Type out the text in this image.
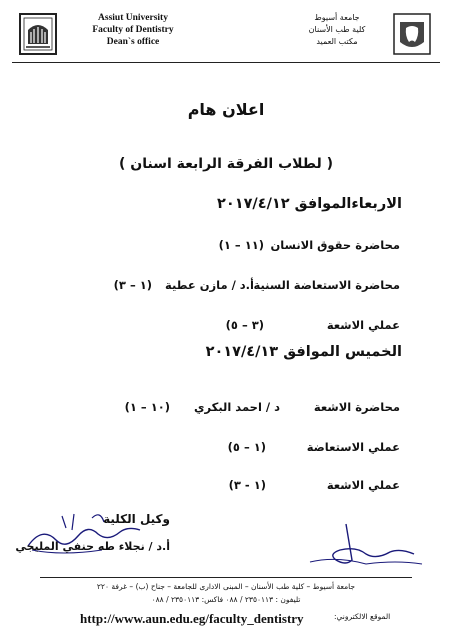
Assiut University
Faculty of Dentistry
Dean`s office
جامعة أسيوط
كلية طب الأسنان
مكتب العميد
اعلان هام
( لطلاب الفرقة الرابعة اسنان )
الاربعاءالموافق ٢٠١٧/٤/١٢
محاضرة حقوق الانسان
(١١ – ١)
محاضرة الاستعاضة السنية
أ.د / مازن عطية
(١ – ٣)
عملي الاشعة
(٣ – ٥)
الخميس الموافق ٢٠١٧/٤/١٣
محاضرة الاشعة
د / احمد البكري
(١٠ – ١)
عملي الاستعاضة
(١ – ٥)
عملي الاشعة
(١ - ٣)
وكيل الكلية
أ.د / نجلاء طه حنفي المليجي
جامعة أسيوط – كلية طب الأسنان – المبنى الادارى للجامعة – جناح (ب) – غرفة ٢٢٠
تليفون : ٢٣٥٠١١٣ / ٠٨٨ فاكس: ٢٣٥٠١١٣ / ٠٨٨
http://www.aun.edu.eg/faculty_dentistry	الموقع الالكتروني:
